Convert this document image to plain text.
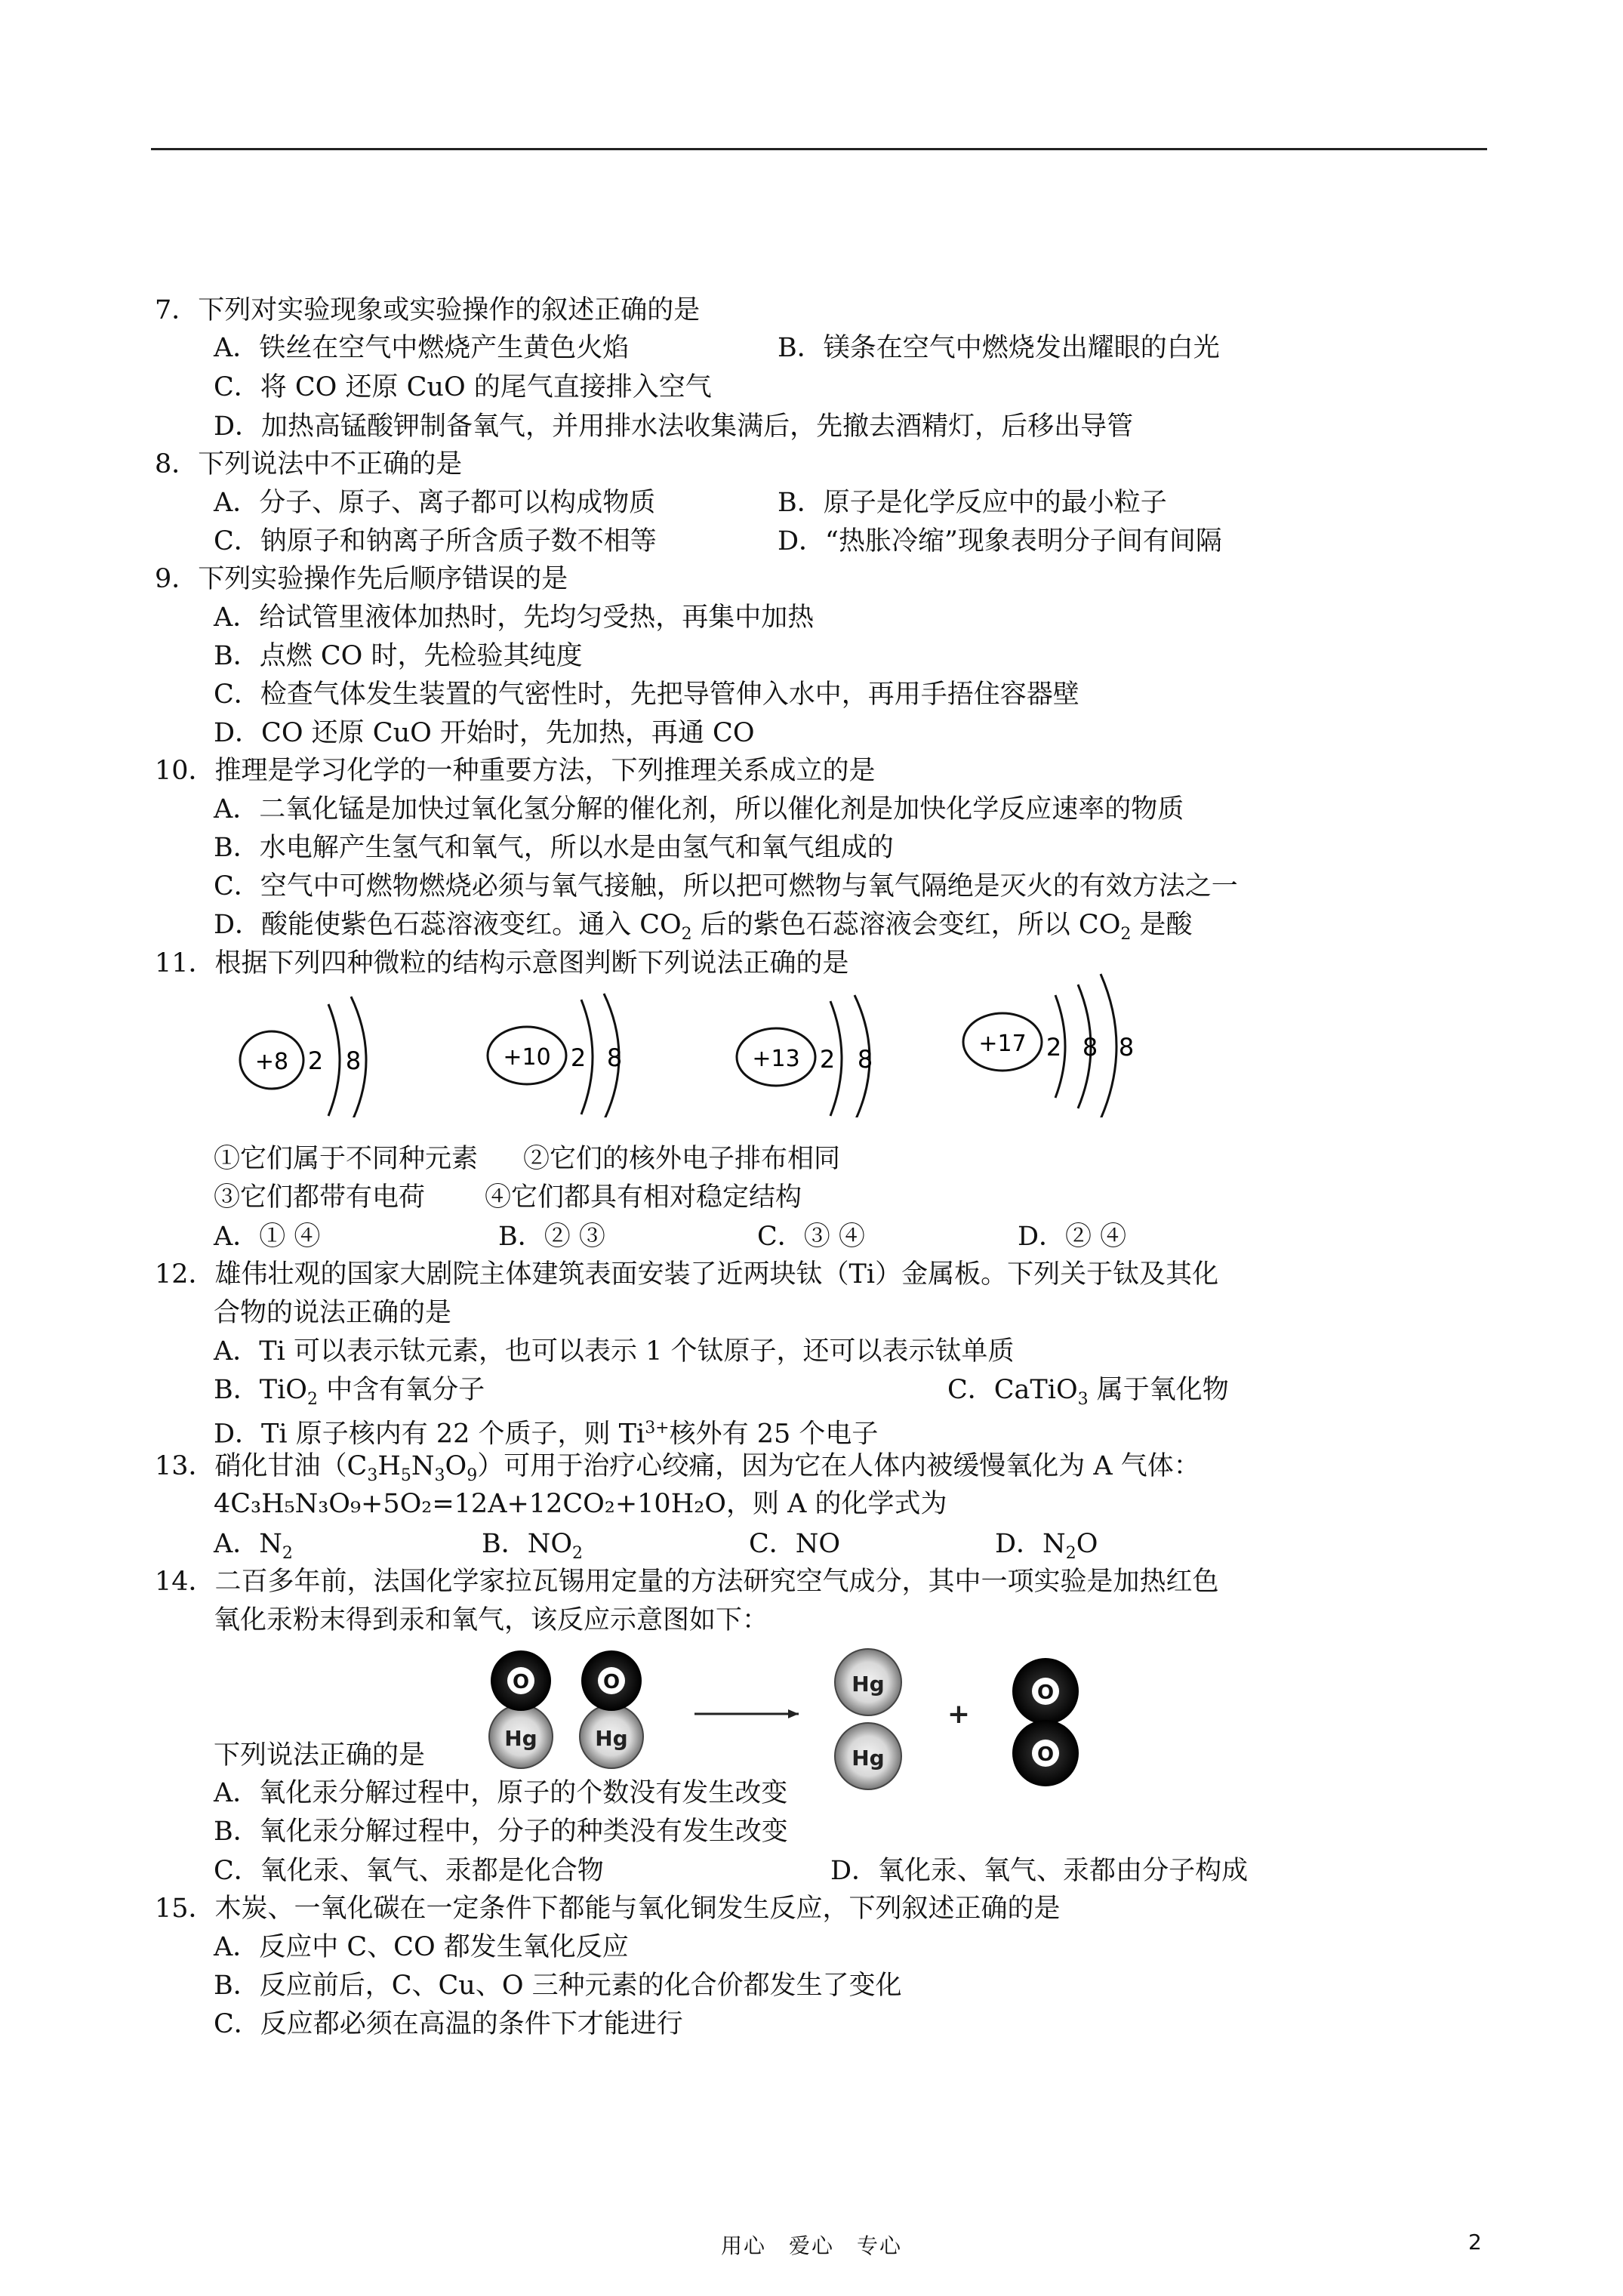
7．下列对实验现象或实验操作的叙述正确的是
A．铁丝在空气中燃烧产生黄色火焰	B．镁条在空气中燃烧发出耀眼的白光
C．将 CO 还原 CuO 的尾气直接排入空气
D．加热高锰酸钾制备氧气，并用排水法收集满后，先撤去酒精灯，后移出导管
8．下列说法中不正确的是
A．分子、原子、离子都可以构成物质	B．原子是化学反应中的最小粒子
C．钠原子和钠离子所含质子数不相等	D．“热胀冷缩”现象表明分子间有间隔
9．下列实验操作先后顺序错误的是
A．给试管里液体加热时，先均匀受热，再集中加热
B．点燃 CO 时，先检验其纯度
C．检查气体发生装置的气密性时，先把导管伸入水中，再用手捂住容器壁
D．CO 还原 CuO 开始时，先加热，再通 CO
10．推理是学习化学的一种重要方法，下列推理关系成立的是
A．二氧化锰是加快过氧化氢分解的催化剂，所以催化剂是加快化学反应速率的物质
B．水电解产生氢气和氧气，所以水是由氢气和氧气组成的
C．空气中可燃物燃烧必须与氧气接触，所以把可燃物与氧气隔绝是灭火的有效方法之一
D．酸能使紫色石蕊溶液变红。通入 $CO_2$ 后的紫色石蕊溶液会变红，所以 $CO_2$ 是酸
11．根据下列四种微粒的结构示意图判断下列说法正确的是
+8 2 8	+10 2 8	+13 2 8
+17 2 8 8
①它们属于不同种元素 ②它们的核外电子排布相同
③它们都带有电荷 ④它们都具有相对稳定结构
A．① ④	B．② ③	C．③ ④	D．② ④
12．雄伟壮观的国家大剧院主体建筑表面安装了近两块钛（Ti）金属板。下列关于钛及其化
合物的说法正确的是
A．Ti 可以表示钛元素，也可以表示 1 个钛原子，还可以表示钛单质
B．TiO$_2$ 中含有氧分子	C．CaTiO$_3$ 属于氧化物
D．Ti 原子核内有 22 个质子，则 $Ti^{3+}$核外有 25 个电子
13．硝化甘油$(C_3H_5N_3O_9)$可用于治疗心绞痛，因为它在人体内被缓慢氧化为 A 气体：
4C₃H₅N₃O₉+5O₂=12A+12CO₂+10H₂O，则 A 的化学式为
A．$N_2$	B．$NO_2$	C．NO	D．$N_2O$
14．二百多年前，法国化学家拉瓦锡用定量的方法研究空气成分，其中一项实验是加热红色
氧化汞粉末得到汞和氧气，该反应示意图如下：
Hg
O
Hg
O	Hg
Hg
+
O
O
下列说法正确的是
A．氧化汞分解过程中，原子的个数没有发生改变
B．氧化汞分解过程中，分子的种类没有发生改变
C．氧化汞、氧气、汞都是化合物	D．氧化汞、氧气、汞都由分子构成
15．木炭、一氧化碳在一定条件下都能与氧化铜发生反应，下列叙述正确的是
A．反应中 C、CO 都发生氧化反应
B．反应前后，C、Cu、O 三种元素的化合价都发生了变化
C．反应都必须在高温的条件下才能进行
用心　爱心　专心	2
